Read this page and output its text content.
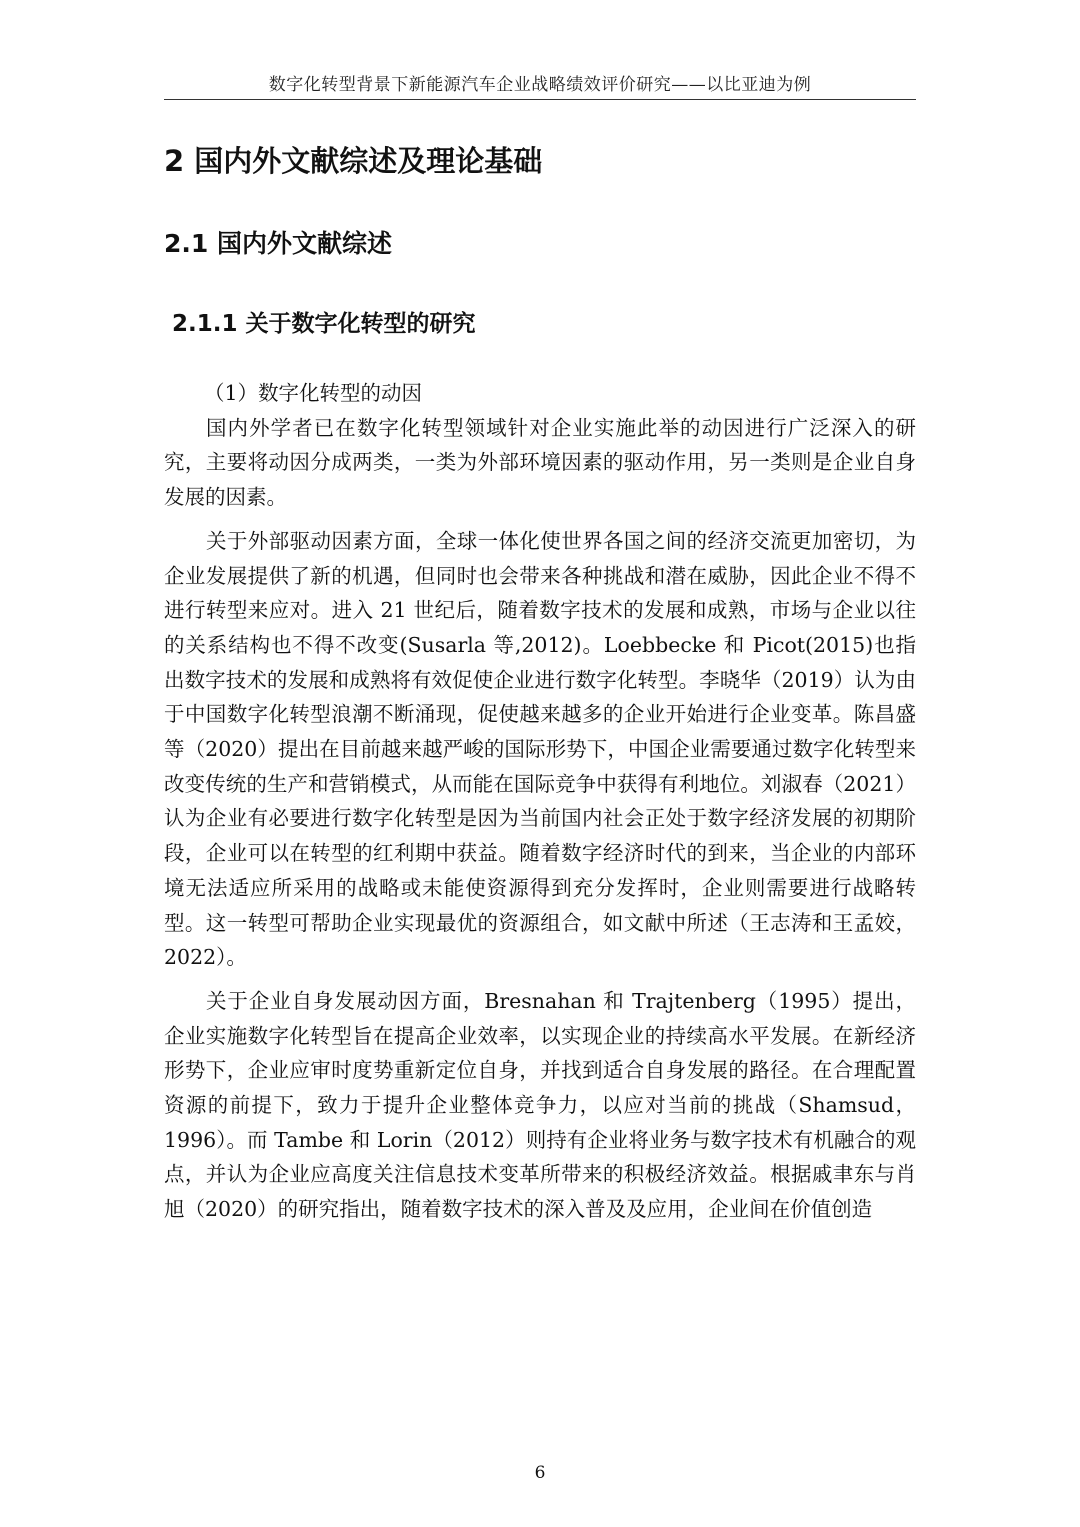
数字化转型背景下新能源汽车企业战略绩效评价研究——以比亚迪为例
2 国内外文献综述及理论基础
2.1 国内外文献综述
2.1.1 关于数字化转型的研究

（1）数字化转型的动因

国内外学者已在数字化转型领域针对企业实施此举的动因进行广泛深入的研究，主要将动因分成两类，一类为外部环境因素的驱动作用，另一类则是企业自身发展的因素。

关于外部驱动因素方面，全球一体化使世界各国之间的经济交流更加密切，为企业发展提供了新的机遇，但同时也会带来各种挑战和潜在威胁，因此企业不得不进行转型来应对。进入 21 世纪后，随着数字技术的发展和成熟，市场与企业以往的关系结构也不得不改变(Susarla 等,2012)。Loebbecke 和 Picot(2015)也指出数字技术的发展和成熟将有效促使企业进行数字化转型。李晓华（2019）认为由于中国数字化转型浪潮不断涌现，促使越来越多的企业开始进行企业变革。陈昌盛等（2020）提出在目前越来越严峻的国际形势下，中国企业需要通过数字化转型来改变传统的生产和营销模式，从而能在国际竞争中获得有利地位。刘淑春（2021）认为企业有必要进行数字化转型是因为当前国内社会正处于数字经济发展的初期阶段，企业可以在转型的红利期中获益。随着数字经济时代的到来，当企业的内部环境无法适应所采用的战略或未能使资源得到充分发挥时，企业则需要进行战略转型。这一转型可帮助企业实现最优的资源组合，如文献中所述（王志涛和王孟姣，2022）。

关于企业自身发展动因方面，Bresnahan 和 Trajtenberg（1995）提出，企业实施数字化转型旨在提高企业效率，以实现企业的持续高水平发展。在新经济形势下，企业应审时度势重新定位自身，并找到适合自身发展的路径。在合理配置资源的前提下，致力于提升企业整体竞争力，以应对当前的挑战（Shamsud，1996）。而 Tambe 和 Lorin（2012）则持有企业将业务与数字技术有机融合的观点，并认为企业应高度关注信息技术变革所带来的积极经济效益。根据戚聿东与肖旭（2020）的研究指出，随着数字技术的深入普及及应用，企业间在价值创造

6
